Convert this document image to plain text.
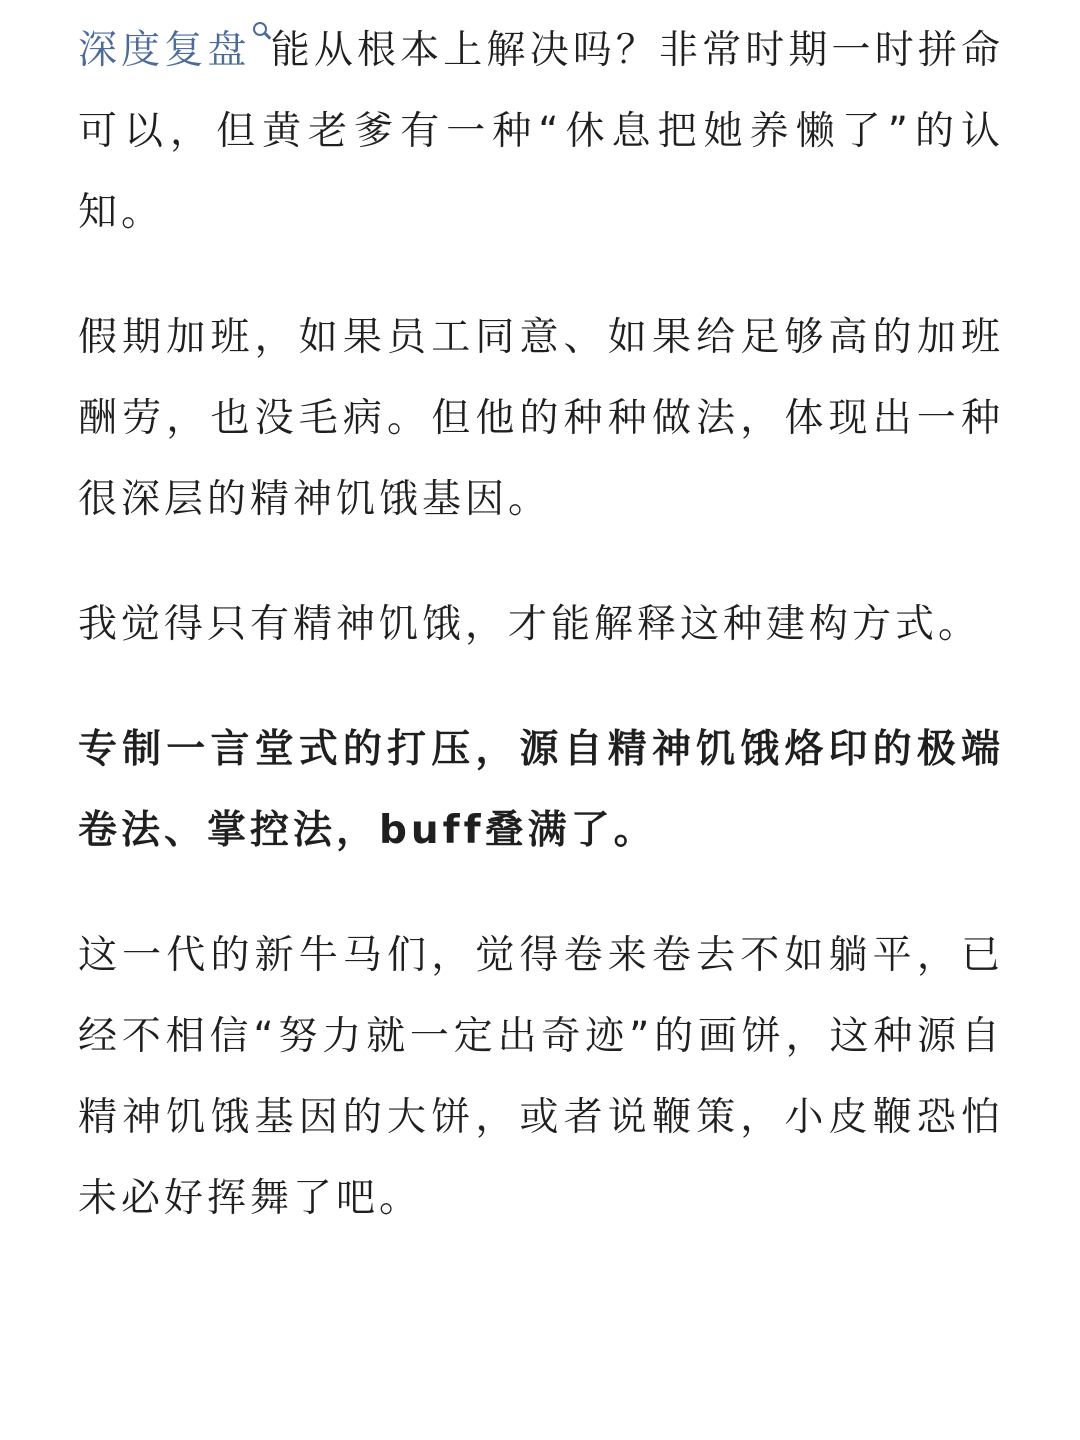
深度复盘 能从根本上解决吗？非常时期一时拼命可以，但黄老爹有一种“休息把她养懒了”的认知。

假期加班，如果员工同意、如果给足够高的加班酬劳，也没毛病。但他的种种做法，体现出一种很深层的精神饥饿基因。

我觉得只有精神饥饿，才能解释这种建构方式。

专制一言堂式的打压，源自精神饥饿烙印的极端卷法、掌控法，buff叠满了。

这一代的新牛马们，觉得卷来卷去不如躺平，已经不相信“努力就一定出奇迹”的画饼，这种源自精神饥饿基因的大饼，或者说鞭策，小皮鞭恐怕未必好挥舞了吧。
